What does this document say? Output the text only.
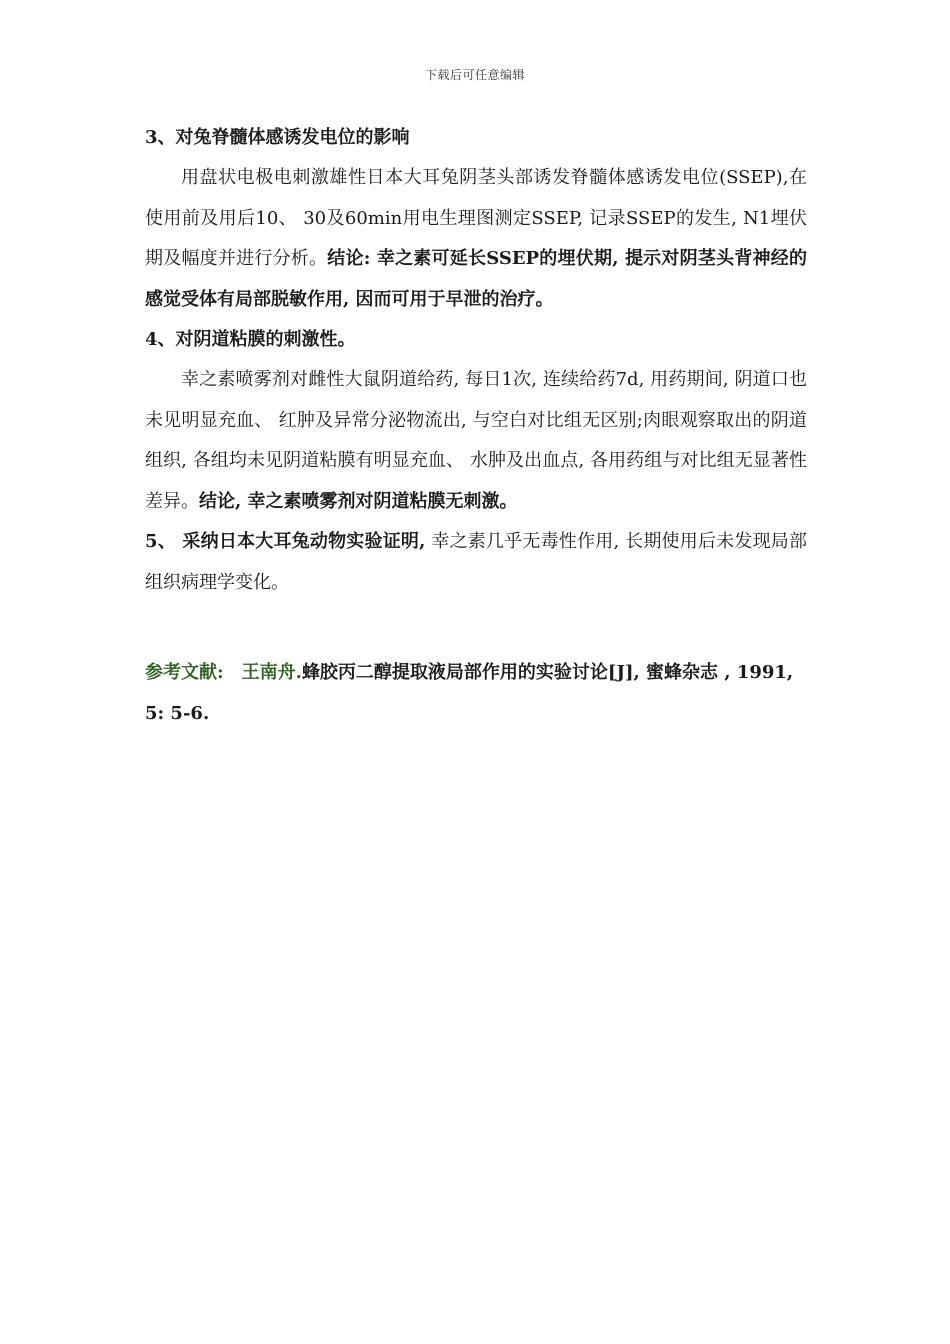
下载后可任意编辑
3、对兔脊髓体感诱发电位的影响
用盘状电极电刺激雄性日本大耳兔阴茎头部诱发脊髓体感诱发电位(SSEP),在使用前及用后10、 30及60min用电生理图测定SSEP, 记录SSEP的发生, N1埋伏期及幅度并进行分析。结论: 幸之素可延长SSEP的埋伏期, 提示对阴茎头背神经的感觉受体有局部脱敏作用, 因而可用于早泄的治疗。
4、对阴道粘膜的刺激性。
幸之素喷雾剂对雌性大鼠阴道给药, 每日1次, 连续给药7d, 用药期间, 阴道口也未见明显充血、 红肿及异常分泌物流出, 与空白对比组无区别;肉眼观察取出的阴道组织, 各组均未见阴道粘膜有明显充血、 水肿及出血点, 各用药组与对比组无显著性差异。结论, 幸之素喷雾剂对阴道粘膜无刺激。
5、 采纳日本大耳兔动物实验证明, 幸之素几乎无毒性作用, 长期使用后未发现局部组织病理学变化。
参考文献: 王南舟.蜂胶丙二醇提取液局部作用的实验讨论[J], 蜜蜂杂志 , 1991, 5: 5-6.
